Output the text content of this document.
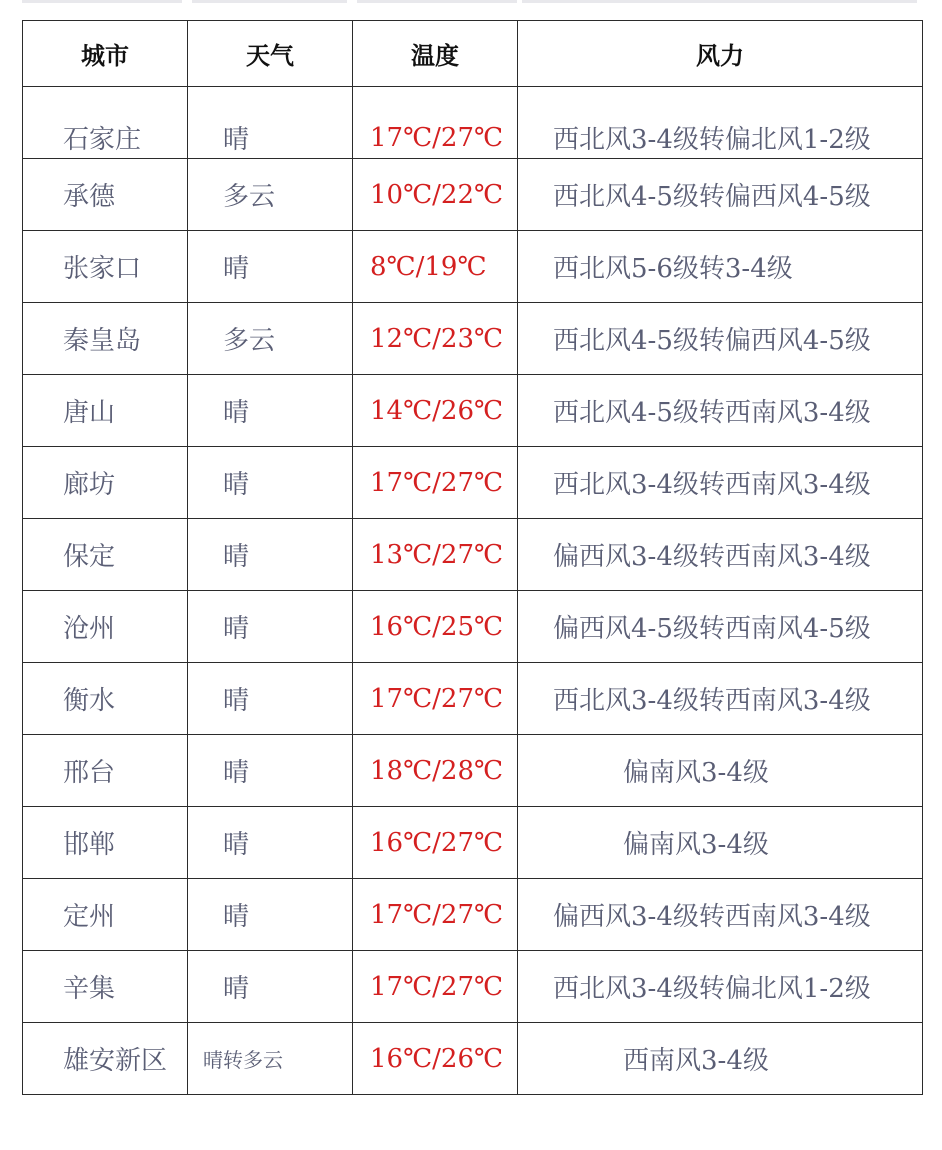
城市	天气	温度	风力

石家庄	晴	17℃/27℃	西北风3-4级转偏北风1-2级

承德	多云	10℃/22℃	西北风4-5级转偏西风4-5级

张家口	晴	8℃/19℃	西北风5-6级转3-4级

秦皇岛	多云	12℃/23℃	西北风4-5级转偏西风4-5级

唐山	晴	14℃/26℃	西北风4-5级转西南风3-4级

廊坊	晴	17℃/27℃	西北风3-4级转西南风3-4级

保定	晴	13℃/27℃	偏西风3-4级转西南风3-4级

沧州	晴	16℃/25℃	偏西风4-5级转西南风4-5级

衡水	晴	17℃/27℃	西北风3-4级转西南风3-4级

邢台	晴	18℃/28℃	偏南风3-4级

邯郸	晴	16℃/27℃	偏南风3-4级

定州	晴	17℃/27℃	偏西风3-4级转西南风3-4级

辛集	晴	17℃/27℃	西北风3-4级转偏北风1-2级

雄安新区	晴转多云	16℃/26℃	西南风3-4级
